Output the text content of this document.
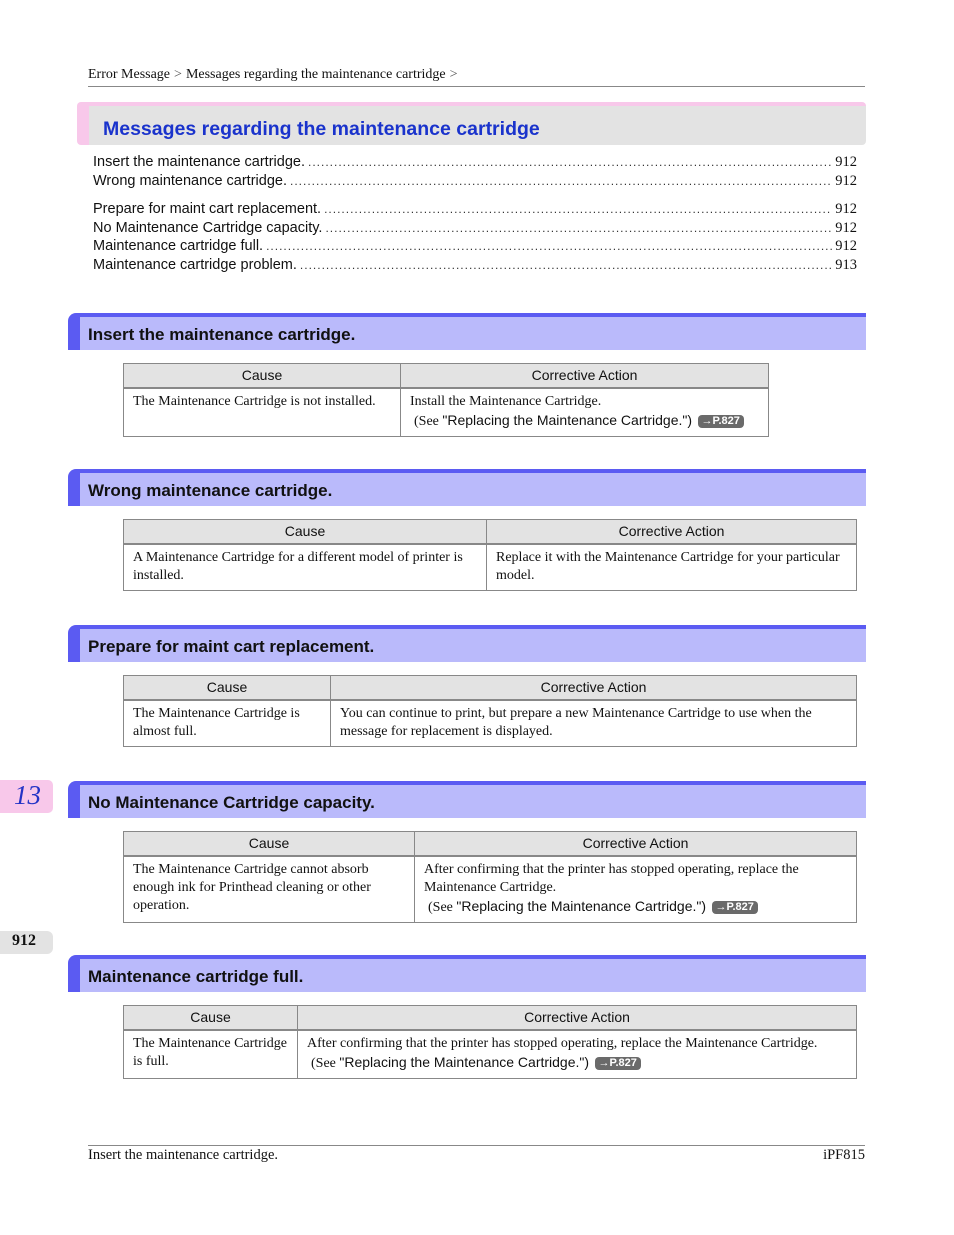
Error Message > Messages regarding the maintenance cartridge >
Messages regarding the maintenance cartridge
Insert the maintenance cartridge. .....	912
Wrong maintenance cartridge. .....	912
Prepare for maint cart replacement. .....	912
No Maintenance Cartridge capacity. .....	912
Maintenance cartridge full. .....	912
Maintenance cartridge problem. .....	913
Insert the maintenance cartridge.
Cause	Corrective Action
The Maintenance Cartridge is not installed.	Install the Maintenance Cartridge.
(See "Replacing the Maintenance Cartridge.") →P.827
Wrong maintenance cartridge.
Cause	Corrective Action
A Maintenance Cartridge for a different model of printer is installed.	Replace it with the Maintenance Cartridge for your particular model.
Prepare for maint cart replacement.
Cause	Corrective Action
The Maintenance Cartridge is almost full.	You can continue to print, but prepare a new Maintenance Cartridge to use when the message for replacement is displayed.
13	No Maintenance Cartridge capacity.
Cause	Corrective Action
The Maintenance Cartridge cannot absorb enough ink for Printhead cleaning or other operation.	After confirming that the printer has stopped operating, replace the Maintenance Cartridge.
(See "Replacing the Maintenance Cartridge.") →P.827
912
Maintenance cartridge full.
Cause	Corrective Action
The Maintenance Cartridge is full.	After confirming that the printer has stopped operating, replace the Maintenance Cartridge.
(See "Replacing the Maintenance Cartridge.") →P.827
Insert the maintenance cartridge.	iPF815
